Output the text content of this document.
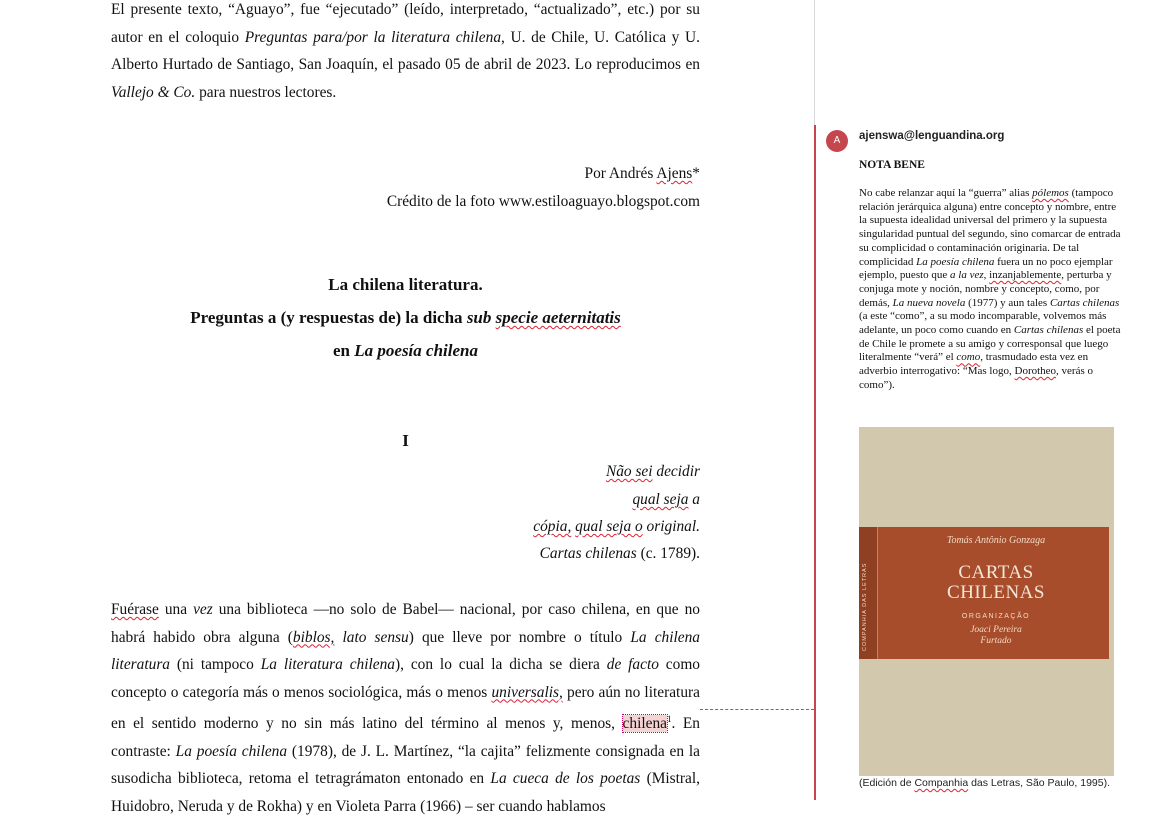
El presente texto, “Aguayo”, fue “ejecutado” (leído, interpretado, “actualizado”, etc.) por su autor en el coloquio Preguntas para/por la literatura chilena, U. de Chile, U. Católica y U. Alberto Hurtado de Santiago, San Joaquín, el pasado 05 de abril de 2023. Lo reproducimos en Vallejo & Co. para nuestros lectores.

Por Andrés Ajens*

Crédito de la foto www.estiloaguayo.blogspot.com

La chilena literatura.

Preguntas a (y respuestas de) la dicha sub specie aeternitatis

en La poesía chilena

I

Não sei decidir

qual seja a

cópia, qual seja o original.

Cartas chilenas (c. 1789).

Fuérase una vez una biblioteca —no solo de Babel— nacional, por caso chilena, en que no habrá habido obra alguna (biblos, lato sensu) que lleve por nombre o título La chilena literatura (ni tampoco La literatura chilena), con lo cual la dicha se diera de facto como concepto o categoría más o menos sociológica, más o menos universalis, pero aún no literatura en el sentido moderno y no sin más latino del término al menos y, menos, chilena$^1$. En contraste: La poesía chilena (1978), de J. L. Martínez, “la cajita” felizmente consignada en la susodicha biblioteca, retoma el tetragrámaton entonado en La cueca de los poetas (Mistral, Huidobro, Neruda y de Rokha) y en Violeta Parra (1966) – ser cuando hablamos

A	ajenswa@lenguandina.org
NOTA BENE

No cabe relanzar aquí la “guerra” alias pólemos (tampoco relación jerárquica alguna) entre concepto y nombre, entre la supuesta idealidad universal del primero y la supuesta singularidad puntual del segundo, sino comarcar de entrada su complicidad o contaminación originaria. De tal complicidad La poesía chilena fuera un no poco ejemplar ejemplo, puesto que a la vez, inzanjablemente, perturba y conjuga mote y noción, nombre y concepto, como, por demás, La nueva novela (1977) y aun tales Cartas chilenas (a este “como”, a su modo incomparable, volvemos más adelante, un poco como cuando en Cartas chilenas el poeta de Chile le promete a su amigo y corresponsal que luego literalmente “verá” el como, trasmudado esta vez en adverbio interrogativo: “Mas logo, Dorotheo, verás o como”).

COMPANHIA DAS LETRAS
Tomás Antônio Gonzaga
CARTAS
CHILENAS
ORGANIZAÇÃO
Joaci Pereira
Furtado
(Edición de Companhia das Letras, São Paulo, 1995).
